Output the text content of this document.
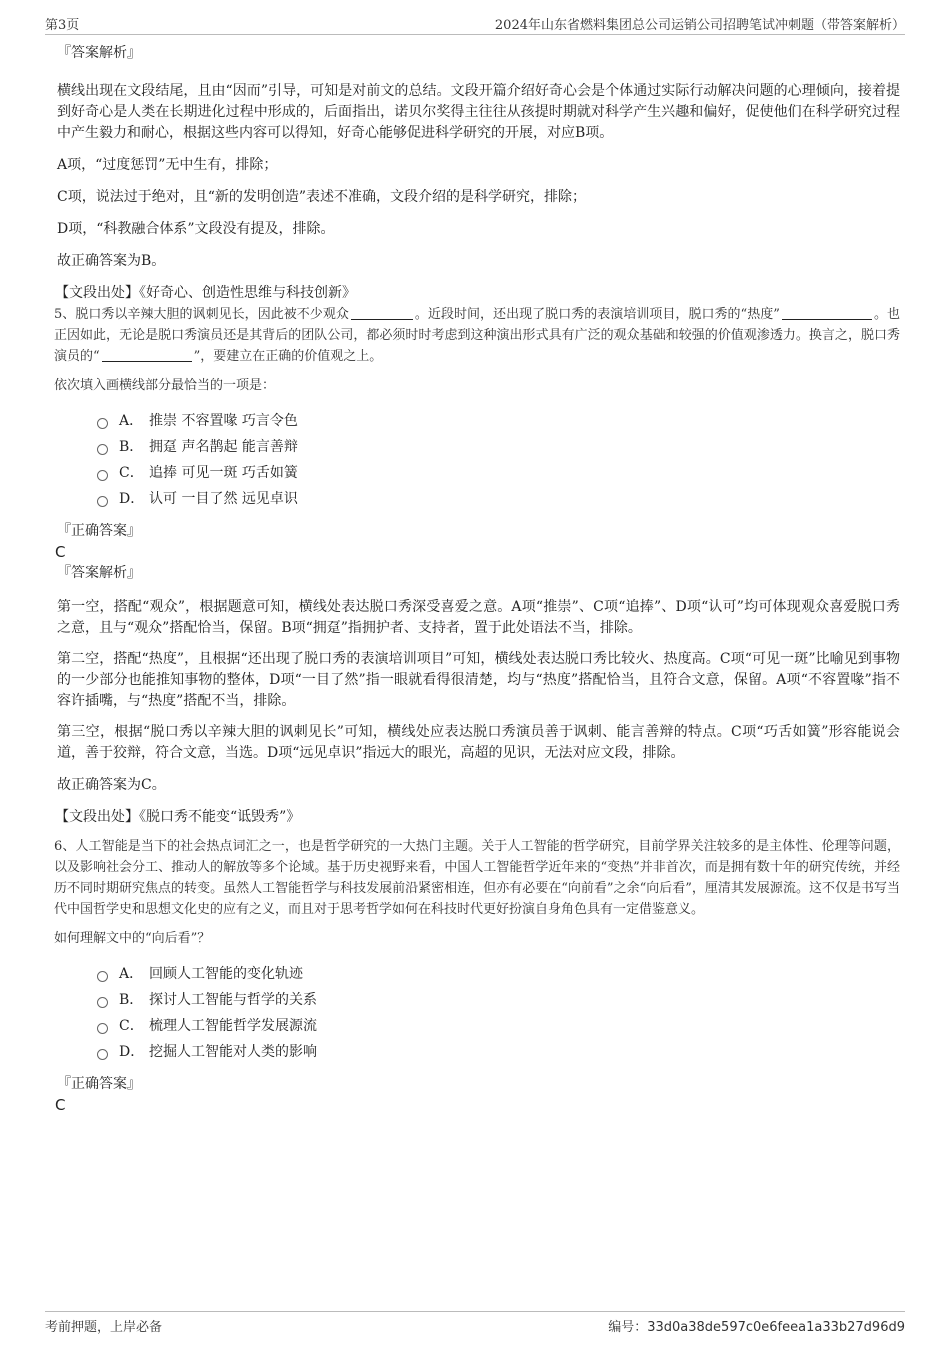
第3页	2024年山东省燃料集团总公司运销公司招聘笔试冲刺题（带答案解析）

『答案解析』

横线出现在文段结尾，且由“因而”引导，可知是对前文的总结。文段开篇介绍好奇心会是个体通过实际行动解决问题的心理倾向，接着提到好奇心是人类在长期进化过程中形成的，后面指出，诺贝尔奖得主往往从孩提时期就对科学产生兴趣和偏好，促使他们在科学研究过程中产生毅力和耐心，根据这些内容可以得知，好奇心能够促进科学研究的开展，对应B项。

A项，“过度惩罚”无中生有，排除；

C项，说法过于绝对，且“新的发明创造”表述不准确，文段介绍的是科学研究，排除；

D项，“科教融合体系”文段没有提及，排除。

故正确答案为B。

【文段出处】《好奇心、创造性思维与科技创新》

5、脱口秀以辛辣大胆的讽刺见长，因此被不少观众	。近段时间，还出现了脱口秀的表演培训项目，脱口秀的“热度”	。也正因如此，无论是脱口秀演员还是其背后的团队公司，都必须时时考虑到这种演出形式具有广泛的观众基础和较强的价值观渗透力。换言之，脱口秀演员的“	”，要建立在正确的价值观之上。

依次填入画横线部分最恰当的一项是：

A． 推崇 不容置喙 巧言令色
B． 拥趸 声名鹊起 能言善辩
C． 追捧 可见一斑 巧舌如簧
D． 认可 一目了然 远见卓识

『正确答案』

C

『答案解析』

第一空，搭配“观众”，根据题意可知，横线处表达脱口秀深受喜爱之意。A项“推崇”、C项“追捧”、D项“认可”均可体现观众喜爱脱口秀之意，且与“观众”搭配恰当，保留。B项“拥趸”指拥护者、支持者，置于此处语法不当，排除。

第二空，搭配“热度”，且根据“还出现了脱口秀的表演培训项目”可知，横线处表达脱口秀比较火、热度高。C项“可见一斑”比喻见到事物的一少部分也能推知事物的整体，D项“一目了然”指一眼就看得很清楚，均与“热度”搭配恰当，且符合文意，保留。A项“不容置喙”指不容许插嘴，与“热度”搭配不当，排除。

第三空，根据“脱口秀以辛辣大胆的讽刺见长”可知，横线处应表达脱口秀演员善于讽刺、能言善辩的特点。C项“巧舌如簧”形容能说会道，善于狡辩，符合文意，当选。D项“远见卓识”指远大的眼光，高超的见识，无法对应文段，排除。

故正确答案为C。

【文段出处】《脱口秀不能变“诋毁秀”》

6、人工智能是当下的社会热点词汇之一，也是哲学研究的一大热门主题。关于人工智能的哲学研究，目前学界关注较多的是主体性、伦理等问题，以及影响社会分工、推动人的解放等多个论域。基于历史视野来看，中国人工智能哲学近年来的“变热”并非首次，而是拥有数十年的研究传统，并经历不同时期研究焦点的转变。虽然人工智能哲学与科技发展前沿紧密相连，但亦有必要在“向前看”之余“向后看”，厘清其发展源流。这不仅是书写当代中国哲学史和思想文化史的应有之义，而且对于思考哲学如何在科技时代更好扮演自身角色具有一定借鉴意义。

如何理解文中的“向后看”？

A． 回顾人工智能的变化轨迹
B． 探讨人工智能与哲学的关系
C． 梳理人工智能哲学发展源流
D． 挖掘人工智能对人类的影响

『正确答案』

C

考前押题，上岸必备	编号：33d0a38de597c0e6feea1a33b27d96d9
